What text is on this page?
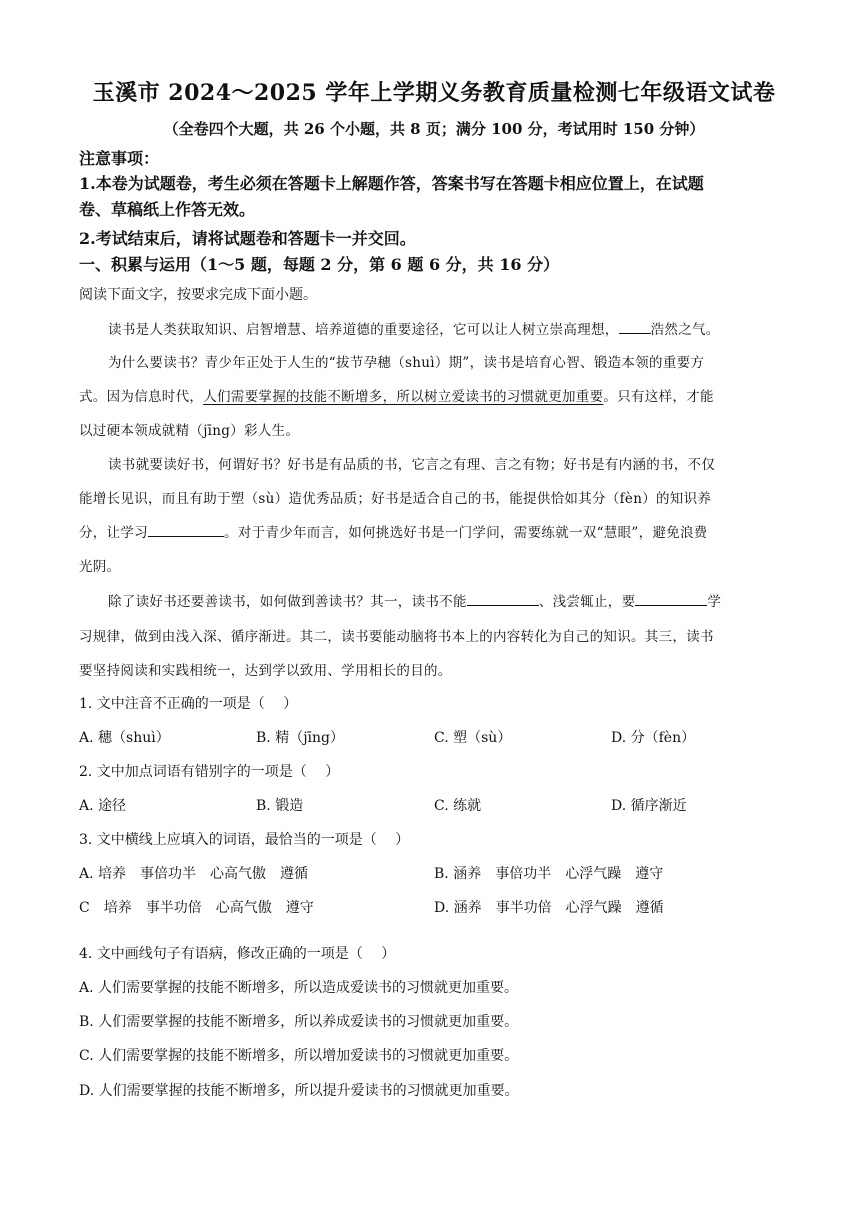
玉溪市 2024～2025 学年上学期义务教育质量检测七年级语文试卷
（全卷四个大题，共 26 个小题，共 8 页；满分 100 分，考试用时 150 分钟）
注意事项：
1.本卷为试题卷，考生必须在答题卡上解题作答，答案书写在答题卡相应位置上，在试题
卷、草稿纸上作答无效。
2.考试结束后，请将试题卷和答题卡一并交回。
一、积累与运用（1～5 题，每题 2 分，第 6 题 6 分，共 16 分）
阅读下面文字，按要求完成下面小题。
读书是人类获取知识、启智增慧、培养道德的重要途径，它可以让人树立崇高理想， 浩然之气。
为什么要读书？青少年正处于人生的“拔节孕穗（shuì）期”，读书是培育心智、锻造本领的重要方
式。因为信息时代，人们需要掌握的技能不断增多，所以树立爱读书的习惯就更加重要。只有这样，才能
以过硬本领成就精（jīng）彩人生。
读书就要读好书，何谓好书？好书是有品质的书，它言之有理、言之有物；好书是有内涵的书，不仅
能增长见识，而且有助于塑（sù）造优秀品质；好书是适合自己的书，能提供恰如其分（fèn）的知识养
分，让学习	。对于青少年而言，如何挑选好书是一门学问，需要练就一双“慧眼”，避免浪费
光阴。
除了读好书还要善读书，如何做到善读书？其一，读书不能	、浅尝辄止，要	学
习规律，做到由浅入深、循序渐进。其二，读书要能动脑将书本上的内容转化为自己的知识。其三，读书
要坚持阅读和实践相统一，达到学以致用、学用相长的目的。
1. 文中注音不正确的一项是（　 ）
A. 穗（shuì）	B. 精（jīng）	C. 塑（sù）	D. 分（fèn）
2. 文中加点词语有错别字的一项是（　 ）
A. 途径	B. 锻造	C. 练就	D. 循序渐近
3. 文中横线上应填入的词语，最恰当的一项是（　 ）
A. 培养　事倍功半　心高气傲　遵循	B. 涵养　事倍功半　心浮气躁　遵守
C　培养　事半功倍　心高气傲　遵守	D. 涵养　事半功倍　心浮气躁　遵循
4. 文中画线句子有语病，修改正确的一项是（　 ）
A. 人们需要掌握的技能不断增多，所以造成爱读书的习惯就更加重要。
B. 人们需要掌握的技能不断增多，所以养成爱读书的习惯就更加重要。
C. 人们需要掌握的技能不断增多，所以增加爱读书的习惯就更加重要。
D. 人们需要掌握的技能不断增多，所以提升爱读书的习惯就更加重要。
